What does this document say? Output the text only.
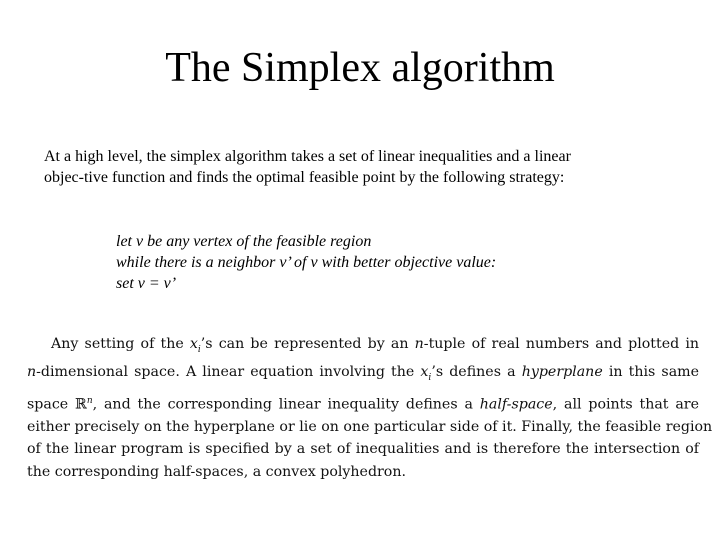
The Simplex algorithm
At a high level, the simplex algorithm takes a set of linear inequalities and a linear
objec-tive function and finds the optimal feasible point by the following strategy:
let v be any vertex of the feasible region
while there is a neighbor v’ of v with better objective value:
set v = v’
Any setting of the $x_i’s$ can be represented by an n-tuple of real numbers and plotted in
n-dimensional space. A linear equation involving the $x_i’s$ defines a hyperplane in this same
space ℝ$^n$, and the corresponding linear inequality defines a half-space, all points that are
either precisely on the hyperplane or lie on one particular side of it. Finally, the feasible region
of the linear program is specified by a set of inequalities and is therefore the intersection of
the corresponding half-spaces, a convex polyhedron.
